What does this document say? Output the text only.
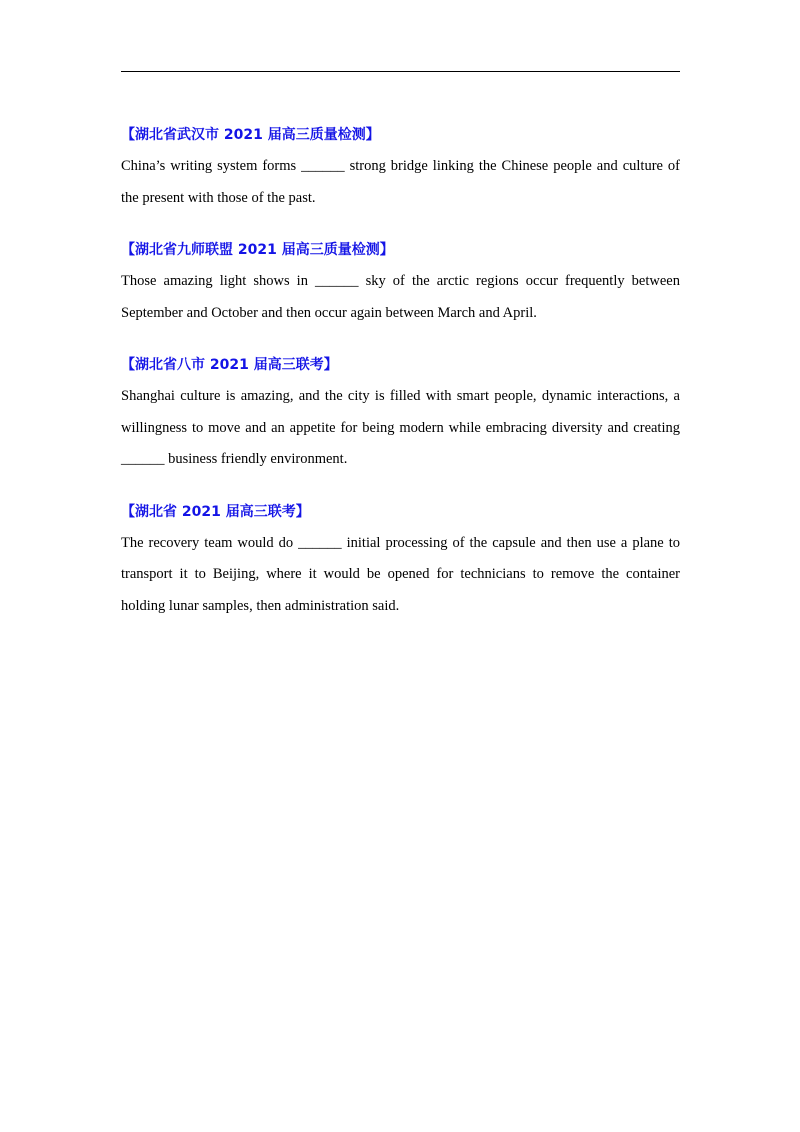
【湖北省武汉市 2021 届高三质量检测】

China’s writing system forms ______ strong bridge linking the Chinese people and culture of the present with those of the past.

【湖北省九师联盟 2021 届高三质量检测】

Those amazing light shows in ______ sky of the arctic regions occur frequently between September and October and then occur again between March and April.

【湖北省八市 2021 届高三联考】

Shanghai culture is amazing, and the city is filled with smart people, dynamic interactions, a willingness to move and an appetite for being modern while embracing diversity and creating ______ business friendly environment.

【湖北省 2021 届高三联考】

The recovery team would do ______ initial processing of the capsule and then use a plane to transport it to Beijing, where it would be opened for technicians to remove the container holding lunar samples, then administration said.
